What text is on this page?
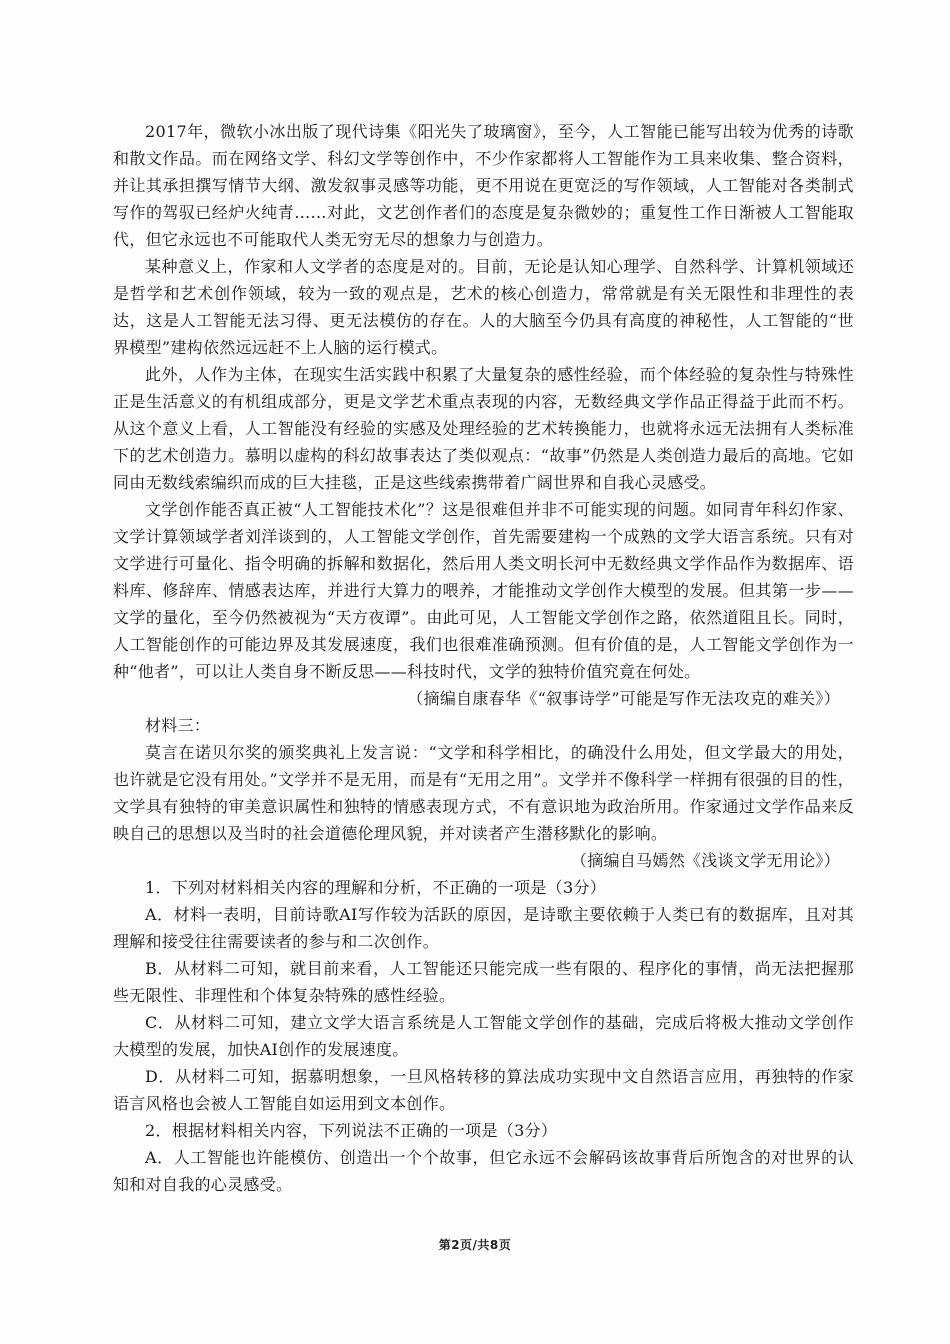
2017年，微软小冰出版了现代诗集《阳光失了玻璃窗》，至今，人工智能已能写出较为优秀的诗歌和散文作品。而在网络文学、科幻文学等创作中，不少作家都将人工智能作为工具来收集、整合资料，并让其承担撰写情节大纲、激发叙事灵感等功能，更不用说在更宽泛的写作领域，人工智能对各类制式写作的驾驭已经炉火纯青……对此，文艺创作者们的态度是复杂微妙的；重复性工作日渐被人工智能取代，但它永远也不可能取代人类无穷无尽的想象力与创造力。

某种意义上，作家和人文学者的态度是对的。目前，无论是认知心理学、自然科学、计算机领域还是哲学和艺术创作领域，较为一致的观点是，艺术的核心创造力，常常就是有关无限性和非理性的表达，这是人工智能无法习得、更无法模仿的存在。人的大脑至今仍具有高度的神秘性，人工智能的“世界模型”建构依然远远赶不上人脑的运行模式。

此外，人作为主体，在现实生活实践中积累了大量复杂的感性经验，而个体经验的复杂性与特殊性正是生活意义的有机组成部分，更是文学艺术重点表现的内容，无数经典文学作品正得益于此而不朽。从这个意义上看，人工智能没有经验的实感及处理经验的艺术转換能力，也就将永远无法拥有人类标准下的艺术创造力。慕明以虚构的科幻故事表达了类似观点：“故事”仍然是人类创造力最后的高地。它如同由无数线索编织而成的巨大挂毯，正是这些线索携带着广阔世界和自我心灵感受。

文学创作能否真正被“人工智能技术化”？这是很难但并非不可能实现的问题。如同青年科幻作家、文学计算领域学者刘洋谈到的，人工智能文学创作，首先需要建构一个成熟的文学大语言系统。只有对文学进行可量化、指令明确的拆解和数据化，然后用人类文明长河中无数经典文学作品作为数据库、语料库、修辞库、情感表达库，并进行大算力的喂养，才能推动文学创作大模型的发展。但其第一步——文学的量化，至今仍然被视为“天方夜谭”。由此可见，人工智能文学创作之路，依然道阻且长。同时，人工智能创作的可能边界及其发展速度，我们也很难准确预测。但有价值的是，人工智能文学创作为一种“他者”，可以让人类自身不断反思——科技时代，文学的独特价值究竟在何处。

（摘编自康春华《“叙事诗学”可能是写作无法攻克的难关》）

材料三：

莫言在诺贝尔奖的颁奖典礼上发言说：“文学和科学相比，的确没什么用处，但文学最大的用处，也许就是它没有用处。”文学并不是无用，而是有“无用之用”。文学并不像科学一样拥有很强的目的性，文学具有独特的审美意识属性和独特的情感表现方式，不有意识地为政治所用。作家通过文学作品来反映自己的思想以及当时的社会道德伦理风貌，并对读者产生潜移默化的影响。

（摘编自马嫣然《浅谈文学无用论》）

1．下列对材料相关内容的理解和分析，不正确的一项是（3分）

A．材料一表明，目前诗歌AI写作较为活跃的原因，是诗歌主要依赖于人类已有的数据库，且对其理解和接受往往需要读者的参与和二次创作。

B．从材料二可知，就目前来看，人工智能还只能完成一些有限的、程序化的事情，尚无法把握那些无限性、非理性和个体复杂特殊的感性经验。

C．从材料二可知，建立文学大语言系统是人工智能文学创作的基础，完成后将极大推动文学创作大模型的发展，加快AI创作的发展速度。

D．从材料二可知，据慕明想象，一旦风格转移的算法成功实现中文自然语言应用，再独特的作家语言风格也会被人工智能自如运用到文本创作。

2．根据材料相关内容，下列说法不正确的一项是（3分）

A．人工智能也许能模仿、创造出一个个故事，但它永远不会解码该故事背后所饱含的对世界的认知和对自我的心灵感受。

第2页/共8页
